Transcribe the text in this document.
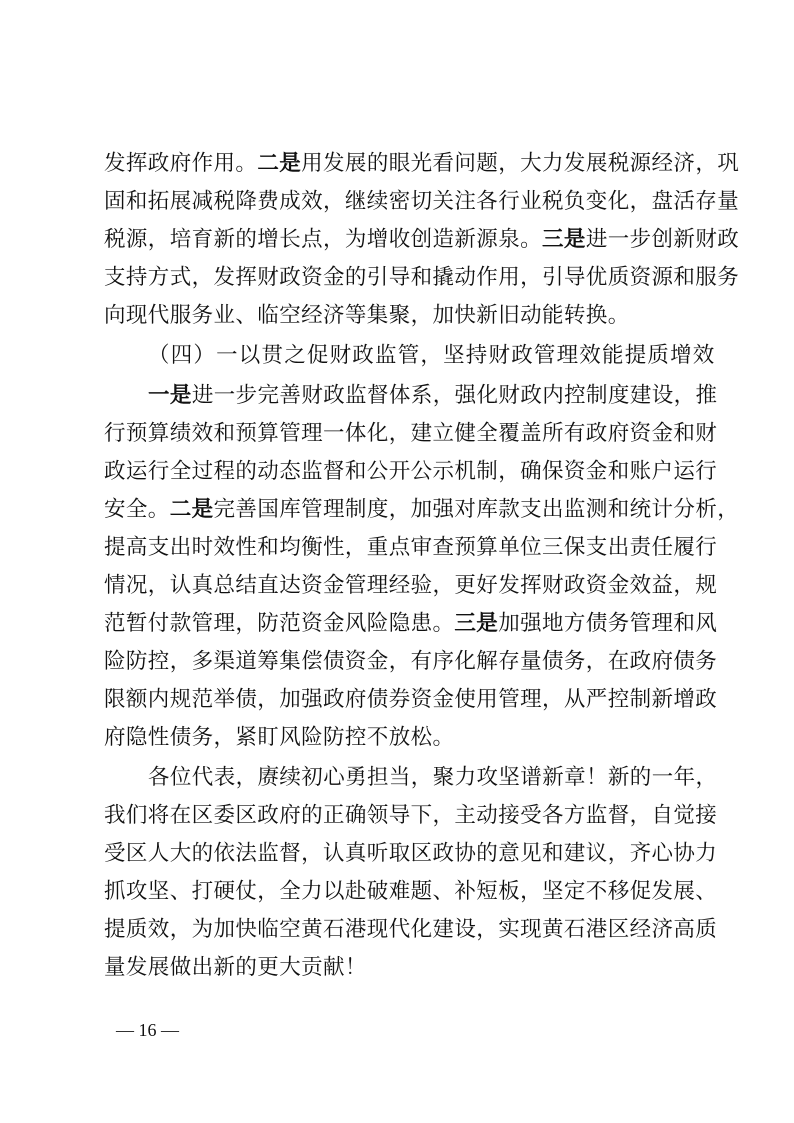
发挥政府作用。二是用发展的眼光看问题，大力发展税源经济，巩
固和拓展减税降费成效，继续密切关注各行业税负变化，盘活存量
税源，培育新的增长点，为增收创造新源泉。三是进一步创新财政
支持方式，发挥财政资金的引导和撬动作用，引导优质资源和服务
向现代服务业、临空经济等集聚，加快新旧动能转换。
（四）一以贯之促财政监管，坚持财政管理效能提质增效
一是进一步完善财政监督体系，强化财政内控制度建设，推
行预算绩效和预算管理一体化，建立健全覆盖所有政府资金和财
政运行全过程的动态监督和公开公示机制，确保资金和账户运行
安全。二是完善国库管理制度，加强对库款支出监测和统计分析，
提高支出时效性和均衡性，重点审查预算单位三保支出责任履行
情况，认真总结直达资金管理经验，更好发挥财政资金效益，规
范暂付款管理，防范资金风险隐患。三是加强地方债务管理和风
险防控，多渠道筹集偿债资金，有序化解存量债务，在政府债务
限额内规范举债，加强政府债券资金使用管理，从严控制新增政
府隐性债务，紧盯风险防控不放松。
各位代表，赓续初心勇担当，聚力攻坚谱新章！新的一年，
我们将在区委区政府的正确领导下，主动接受各方监督，自觉接
受区人大的依法监督，认真听取区政协的意见和建议，齐心协力
抓攻坚、打硬仗，全力以赴破难题、补短板，坚定不移促发展、
提质效，为加快临空黄石港现代化建设，实现黄石港区经济高质
量发展做出新的更大贡献！
— 16 —
